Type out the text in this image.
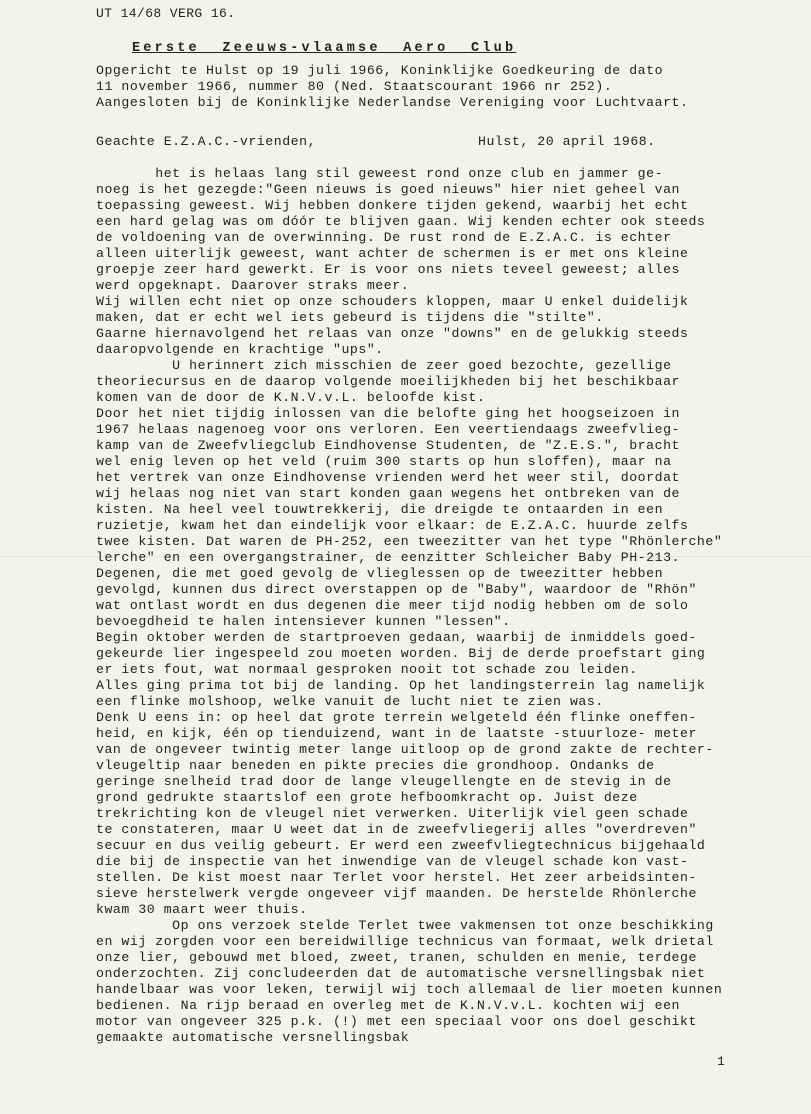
UT 14/68 VERG 16.
Eerste  Zeeuws-vlaamse  Aero  Club
Opgericht te Hulst op 19 juli 1966, Koninklijke Goedkeuring de dato
11 november 1966, nummer 80 (Ned. Staatscourant 1966 nr 252).
Aangesloten bij de Koninklijke Nederlandse Vereniging voor Luchtvaart.
Geachte E.Z.A.C.-vrienden,	Hulst, 20 april 1968.
het is helaas lang stil geweest rond onze club en jammer ge-
noeg is het gezegde:"Geen nieuws is goed nieuws" hier niet geheel van
toepassing geweest. Wij hebben donkere tijden gekend, waarbij het echt
een hard gelag was om dóór te blijven gaan. Wij kenden echter ook steeds
de voldoening van de overwinning. De rust rond de E.Z.A.C. is echter
alleen uiterlijk geweest, want achter de schermen is er met ons kleine
groepje zeer hard gewerkt. Er is voor ons niets teveel geweest; alles
werd opgeknapt. Daarover straks meer.
Wij willen echt niet op onze schouders kloppen, maar U enkel duidelijk
maken, dat er echt wel iets gebeurd is tijdens die "stilte".
Gaarne hiernavolgend het relaas van onze "downs" en de gelukkig steeds
daaropvolgende en krachtige "ups".
U herinnert zich misschien de zeer goed bezochte, gezellige
theoriecursus en de daarop volgende moeilijkheden bij het beschikbaar
komen van de door de K.N.V.v.L. beloofde kist.
Door het niet tijdig inlossen van die belofte ging het hoogseizoen in
1967 helaas nagenoeg voor ons verloren. Een veertiendaags zweefvlieg-
kamp van de Zweefvliegclub Eindhovense Studenten, de "Z.E.S.", bracht
wel enig leven op het veld (ruim 300 starts op hun sloffen), maar na
het vertrek van onze Eindhovense vrienden werd het weer stil, doordat
wij helaas nog niet van start konden gaan wegens het ontbreken van de
kisten. Na heel veel touwtrekkerij, die dreigde te ontaarden in een
ruzietje, kwam het dan eindelijk voor elkaar: de E.Z.A.C. huurde zelfs
twee kisten. Dat waren de PH-252, een tweezitter van het type "Rhönlerche"
lerche" en een overgangstrainer, de eenzitter Schleicher Baby PH-213.
Degenen, die met goed gevolg de vlieglessen op de tweezitter hebben
gevolgd, kunnen dus direct overstappen op de "Baby", waardoor de "Rhön"
wat ontlast wordt en dus degenen die meer tijd nodig hebben om de solo
bevoegdheid te halen intensiever kunnen "lessen".
Begin oktober werden de startproeven gedaan, waarbij de inmiddels goed-
gekeurde lier ingespeeld zou moeten worden. Bij de derde proefstart ging
er iets fout, wat normaal gesproken nooit tot schade zou leiden.
Alles ging prima tot bij de landing. Op het landingsterrein lag namelijk
een flinke molshoop, welke vanuit de lucht niet te zien was.
Denk U eens in: op heel dat grote terrein welgeteld één flinke oneffen-
heid, en kijk, één op tienduizend, want in de laatste -stuurloze- meter
van de ongeveer twintig meter lange uitloop op de grond zakte de rechter-
vleugeltip naar beneden en pikte precies die grondhoop. Ondanks de
geringe snelheid trad door de lange vleugellengte en de stevig in de
grond gedrukte staartslof een grote hefboomkracht op. Juist deze
trekrichting kon de vleugel niet verwerken. Uiterlijk viel geen schade
te constateren, maar U weet dat in de zweefvliegerij alles "overdreven"
secuur en dus veilig gebeurt. Er werd een zweefvliegtechnicus bijgehaald
die bij de inspectie van het inwendige van de vleugel schade kon vast-
stellen. De kist moest naar Terlet voor herstel. Het zeer arbeidsinten-
sieve herstelwerk vergde ongeveer vijf maanden. De herstelde Rhönlerche
kwam 30 maart weer thuis.
Op ons verzoek stelde Terlet twee vakmensen tot onze beschikking
en wij zorgden voor een bereidwillige technicus van formaat, welk drietal
onze lier, gebouwd met bloed, zweet, tranen, schulden en menie, terdege
onderzochten. Zij concludeerden dat de automatische versnellingsbak niet
handelbaar was voor leken, terwijl wij toch allemaal de lier moeten kunnen
bedienen. Na rijp beraad en overleg met de K.N.V.v.L. kochten wij een
motor van ongeveer 325 p.k. (!) met een speciaal voor ons doel geschikt
gemaakte automatische versnellingsbak
1
